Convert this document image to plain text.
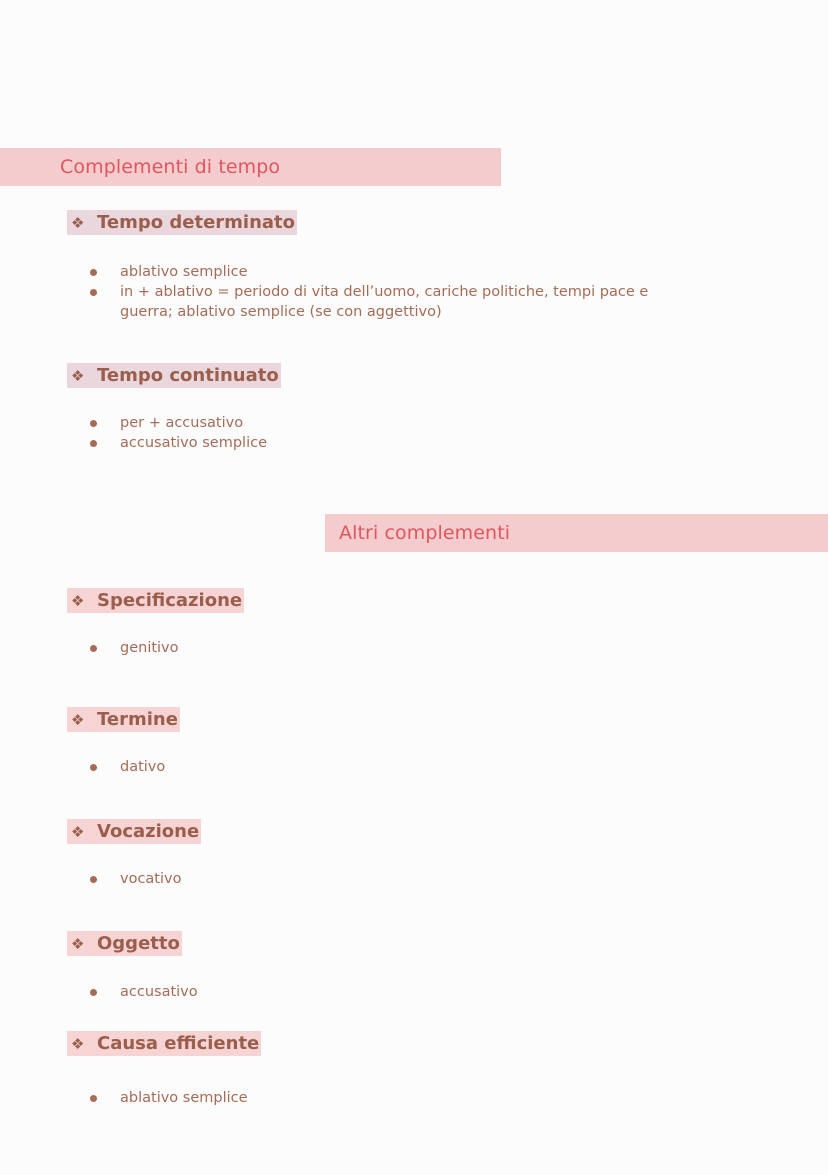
Complementi di tempo
❖ Tempo determinato
ablativo semplice
in + ablativo = periodo di vita dell’uomo, cariche politiche, tempi pace e guerra; ablativo semplice (se con aggettivo)
❖ Tempo continuato
per + accusativo
accusativo semplice
Altri complementi
❖ Specificazione
genitivo
❖ Termine
dativo
❖ Vocazione
vocativo
❖ Oggetto
accusativo
❖ Causa efficiente
ablativo semplice
